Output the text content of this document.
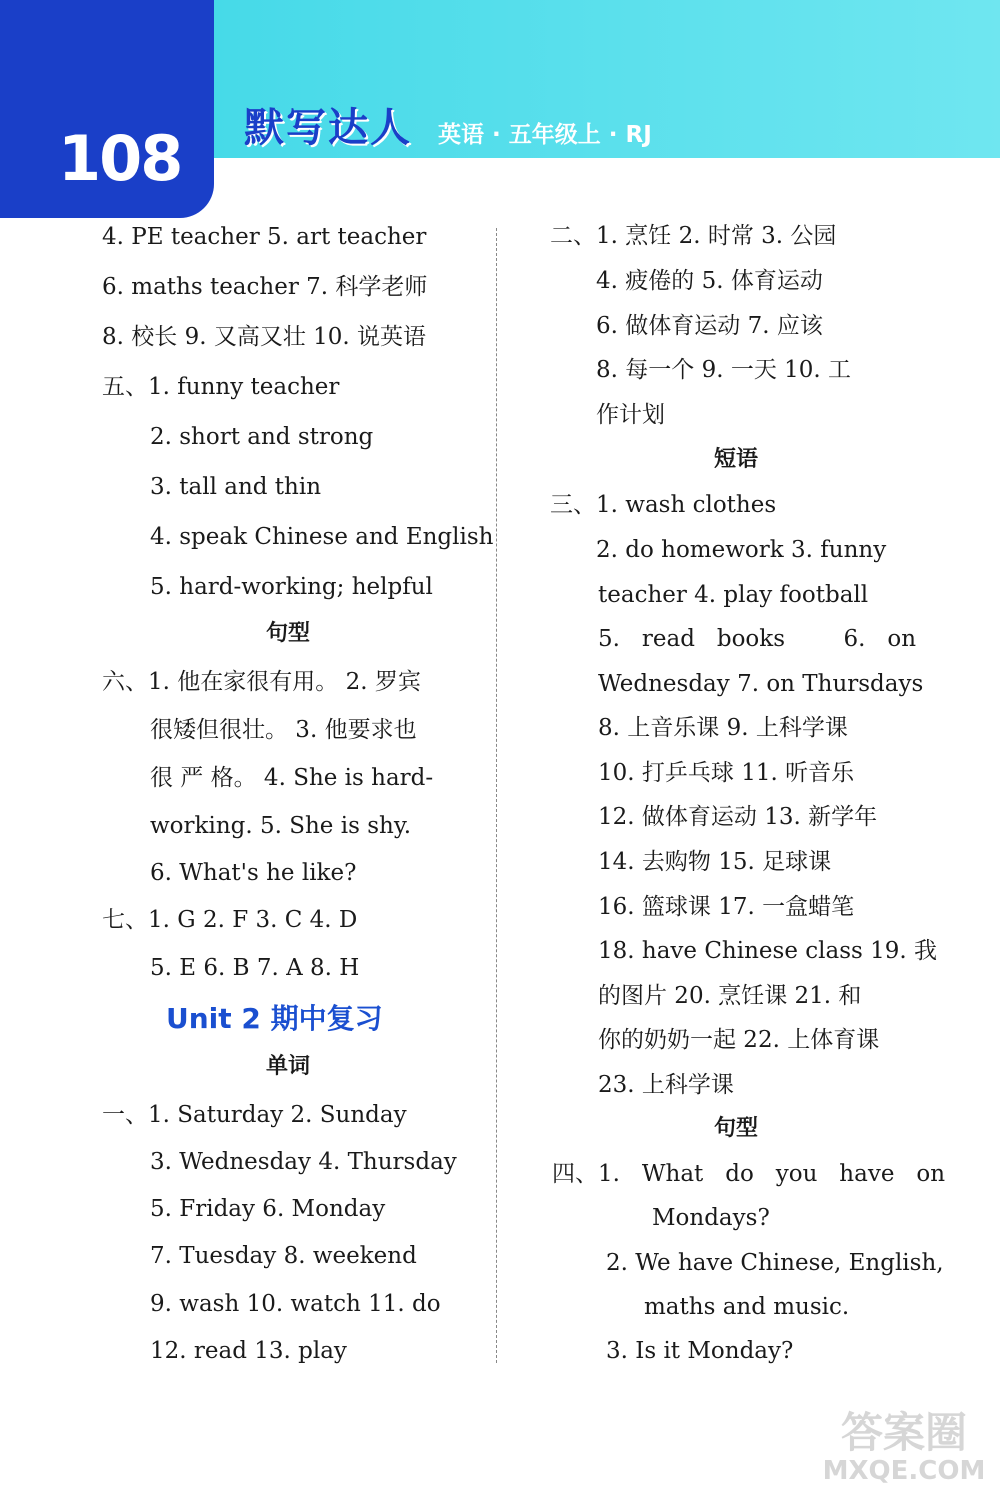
108 默写达人 英语 · 五年级上 · RJ
4. PE teacher 5. art teacher
6. maths teacher 7. 科学老师
8. 校长 9. 又高又壮 10. 说英语
五、1. funny teacher
2. short and strong
3. tall and thin
4. speak Chinese and English
5. hard-working; helpful
句型
六、1. 他在家很有用。 2. 罗宾
很矮但很壮。 3. 他要求也
很 严 格。 4. She is hard-
working. 5. She is shy.
6. What's he like?
七、1. G 2. F 3. C 4. D
5. E 6. B 7. A 8. H
Unit 2 期中复习
单词
一、1. Saturday 2. Sunday
3. Wednesday 4. Thursday
5. Friday 6. Monday
7. Tuesday 8. weekend
9. wash 10. watch 11. do
12. read 13. play
二、1. 烹饪 2. 时常 3. 公园
4. 疲倦的 5. 体育运动
6. 做体育运动 7. 应该
8. 每一个 9. 一天 10. 工
作计划
短语
三、1. wash clothes
2. do homework 3. funny
teacher 4. play football
5.   read   books        6.   on
Wednesday 7. on Thursdays
8. 上音乐课 9. 上科学课
10. 打乒乓球 11. 听音乐
12. 做体育运动 13. 新学年
14. 去购物 15. 足球课
16. 篮球课 17. 一盒蜡笔
18. have Chinese class 19. 我
的图片 20. 烹饪课 21. 和
你的奶奶一起 22. 上体育课
23. 上科学课
句型
四、1.   What   do   you   have   on
Mondays?
2. We have Chinese, English,
maths and music.
3. Is it Monday?
答案圈
MXQE.COM
